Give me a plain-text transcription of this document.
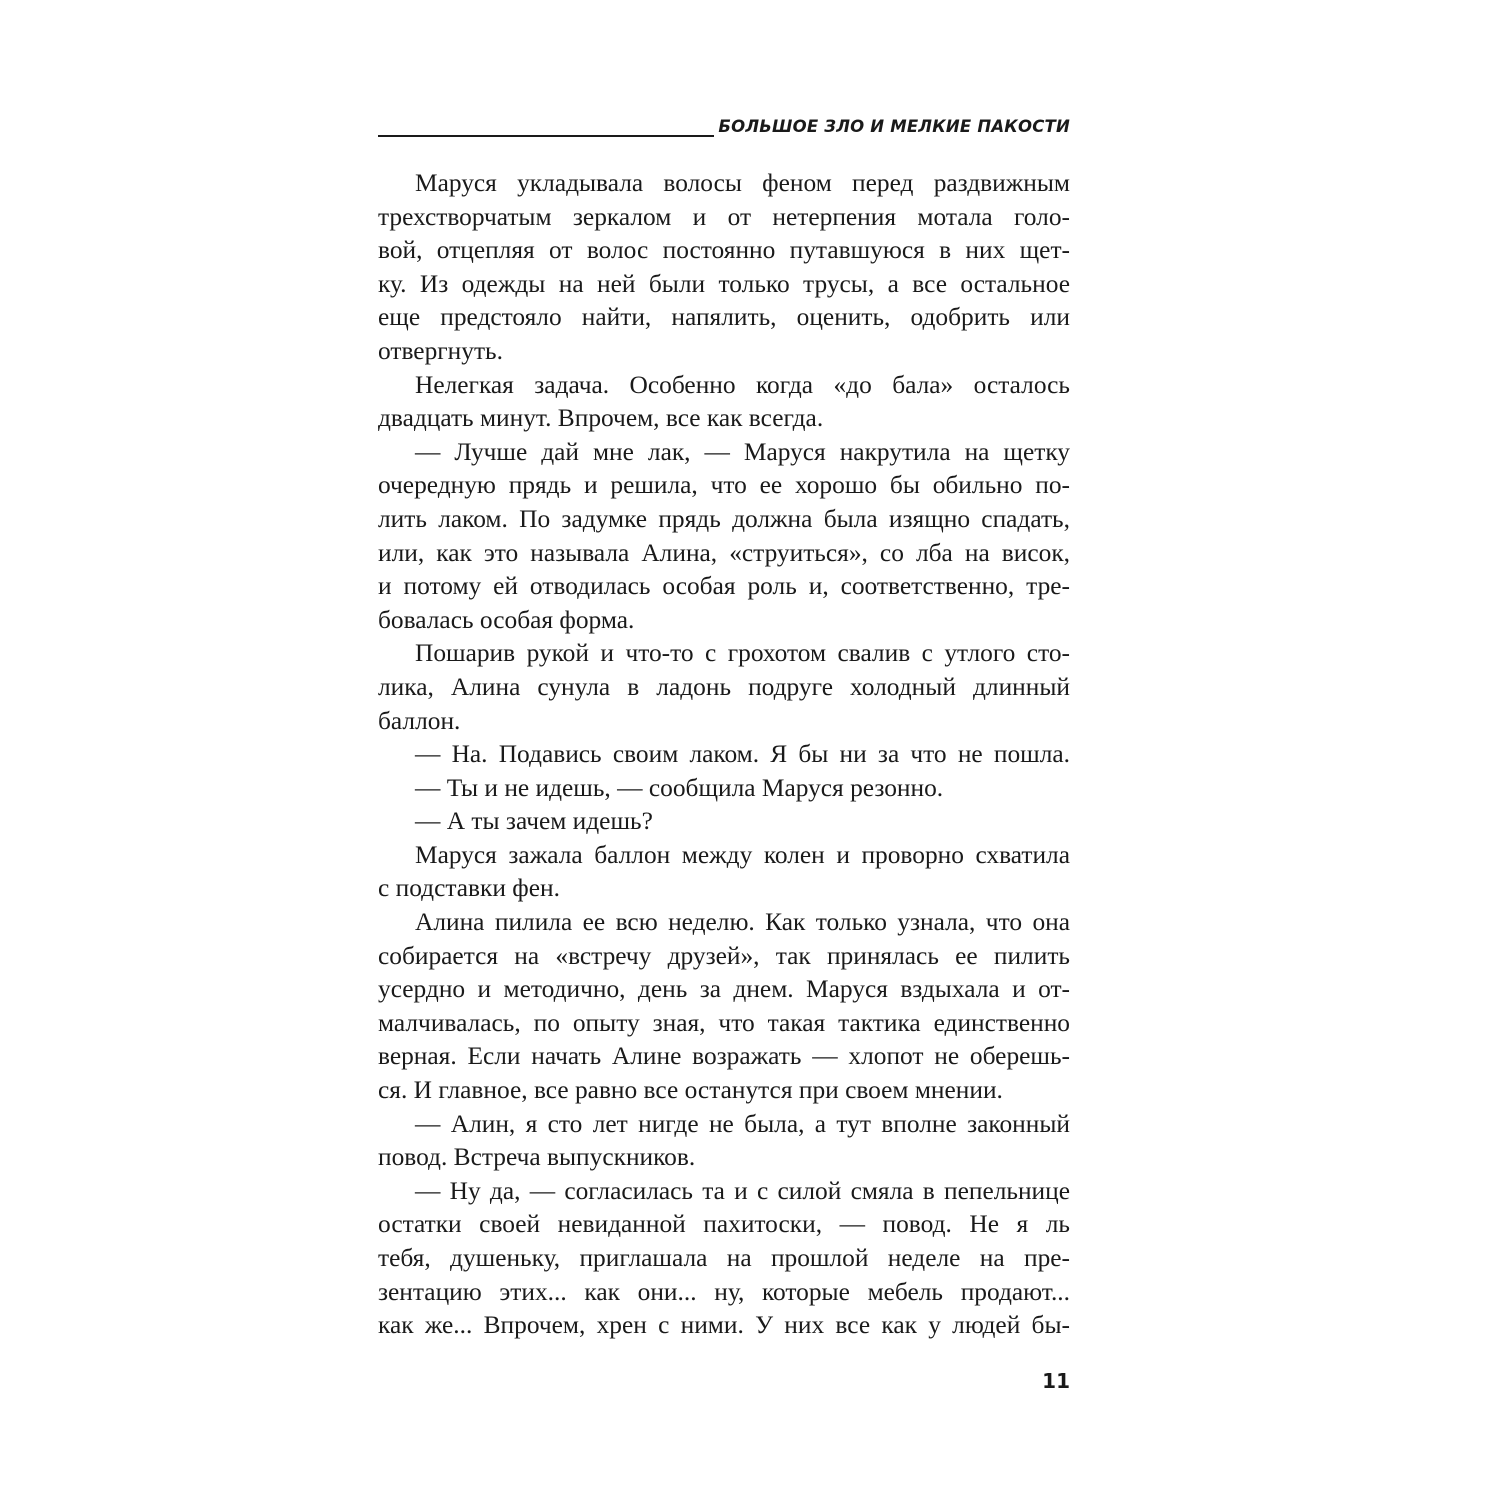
БОЛЬШОЕ ЗЛО И МЕЛКИЕ ПАКОСТИ
Маруся укладывала волосы феном перед раздвижным
трехстворчатым зеркалом и от нетерпения мотала голо-
вой, отцепляя от волос постоянно путавшуюся в них щет-
ку. Из одежды на ней были только трусы, а все остальное
еще предстояло найти, напялить, оценить, одобрить или
отвергнуть.
Нелегкая задача. Особенно когда «до бала» осталось
двадцать минут. Впрочем, все как всегда.
— Лучше дай мне лак, — Маруся накрутила на щетку
очередную прядь и решила, что ее хорошо бы обильно по-
лить лаком. По задумке прядь должна была изящно спадать,
или, как это называла Алина, «струиться», со лба на висок,
и потому ей отводилась особая роль и, соответственно, тре-
бовалась особая форма.
Пошарив рукой и что-то с грохотом свалив с утлого сто-
лика, Алина сунула в ладонь подруге холодный длинный
баллон.
— На. Подавись своим лаком. Я бы ни за что не пошла.
— Ты и не идешь, — сообщила Маруся резонно.
— А ты зачем идешь?
Маруся зажала баллон между колен и проворно схватила
с подставки фен.
Алина пилила ее всю неделю. Как только узнала, что она
собирается на «встречу друзей», так принялась ее пилить
усердно и методично, день за днем. Маруся вздыхала и от-
малчивалась, по опыту зная, что такая тактика единственно
верная. Если начать Алине возражать — хлопот не оберешь-
ся. И главное, все равно все останутся при своем мнении.
— Алин, я сто лет нигде не была, а тут вполне законный
повод. Встреча выпускников.
— Ну да, — согласилась та и с силой смяла в пепельнице
остатки своей невиданной пахитоски, — повод. Не я ль
тебя, душеньку, приглашала на прошлой неделе на пре-
зентацию этих... как они... ну, которые мебель продают...
как же... Впрочем, хрен с ними. У них все как у людей бы-
11
